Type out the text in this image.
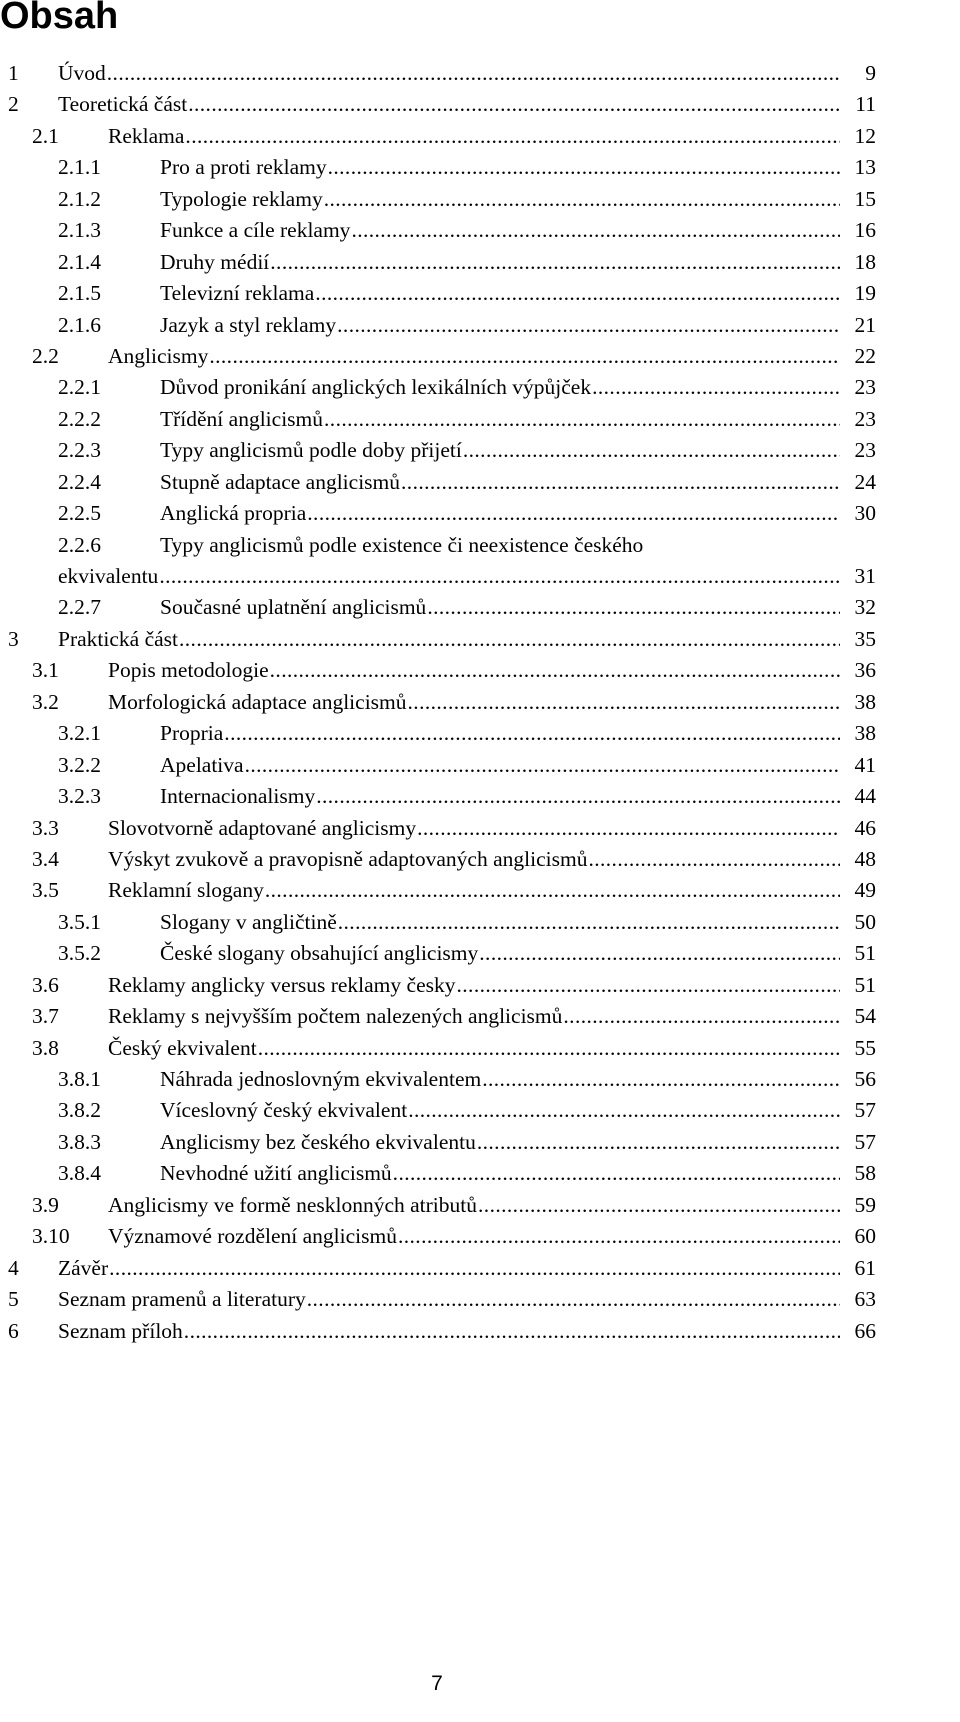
Obsah
1 Úvod .....	9
2 Teoretická část .....	11
2.1 Reklama .....	12
2.1.1	Pro a proti reklamy .....	13
2.1.2	Typologie reklamy .....	15
2.1.3	Funkce a cíle reklamy .....	16
2.1.4	Druhy médií .....	18
2.1.5	Televizní reklama .....	19
2.1.6	Jazyk a styl reklamy .....	21
2.2 Anglicismy .....	22
2.2.1	Důvod pronikání anglických lexikálních výpůjček .....	23
2.2.2	Třídění anglicismů .....	23
2.2.3	Typy anglicismů podle doby přijetí .....	23
2.2.4	Stupně adaptace anglicismů .....	24
2.2.5	Anglická propria .....	30
2.2.6	Typy anglicismů podle existence či neexistence českého
ekvivalentu .....	31
2.2.7	Současné uplatnění anglicismů .....	32
3 Praktická část .....	35
3.1 Popis metodologie .....	36
3.2 Morfologická adaptace anglicismů .....	38
3.2.1	Propria .....	38
3.2.2	Apelativa .....	41
3.2.3	Internacionalismy .....	44
3.3 Slovotvorně adaptované anglicismy .....	46
3.4 Výskyt zvukově a pravopisně adaptovaných anglicismů .....	48
3.5 Reklamní slogany .....	49
3.5.1	Slogany v angličtině .....	50
3.5.2	České slogany obsahující anglicismy .....	51
3.6 Reklamy anglicky versus reklamy česky .....	51
3.7 Reklamy s nejvyšším počtem nalezených anglicismů .....	54
3.8 Český ekvivalent .....	55
3.8.1	Náhrada jednoslovným ekvivalentem .....	56
3.8.2	Víceslovný český ekvivalent .....	57
3.8.3	Anglicismy bez českého ekvivalentu .....	57
3.8.4	Nevhodné užití anglicismů .....	58
3.9 Anglicismy ve formě nesklonných atributů .....	59
3.10 Významové rozdělení anglicismů .....	60
4 Závěr .....	61
5 Seznam pramenů a literatury .....	63
6 Seznam příloh .....	66
7
